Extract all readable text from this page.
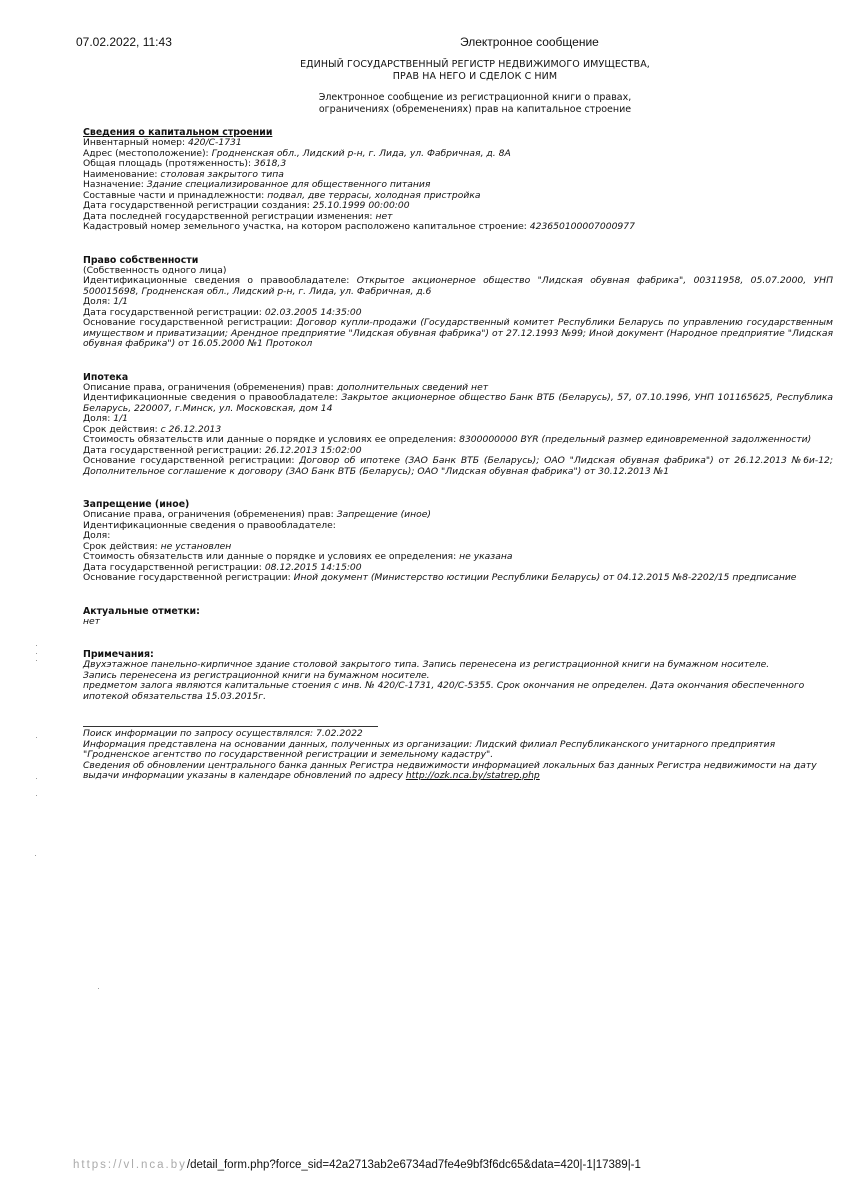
07.02.2022, 11:43	Электронное сообщение
ЕДИНЫЙ ГОСУДАРСТВЕННЫЙ РЕГИСТР НЕДВИЖИМОГО ИМУЩЕСТВА,
ПРАВ НА НЕГО И СДЕЛОК С НИМ
Электронное сообщение из регистрационной книги о правах,
ограничениях (обременениях) прав на капитальное строение
Сведения о капитальном строении

Инвентарный номер: 420/С-1731

Адрес (местоположение): Гродненская обл., Лидский р-н, г. Лида, ул. Фабричная, д. 8А

Общая площадь (протяженность): 3618,3

Наименование: столовая закрытого типа

Назначение: Здание специализированное для общественного питания

Составные части и принадлежности: подвал, две террасы, холодная пристройка

Дата государственной регистрации создания: 25.10.1999 00:00:00

Дата последней государственной регистрации изменения: нет

Кадастровый номер земельного участка, на котором расположено капитальное строение: 423650100007000977

Право собственности

(Собственность одного лица)

Идентификационные сведения о правообладателе: Открытое акционерное общество "Лидская обувная фабрика", 00311958, 05.07.2000, УНП 500015698, Гродненская обл., Лидский р-н, г. Лида, ул. Фабричная, д.6

Доля: 1/1

Дата государственной регистрации: 02.03.2005 14:35:00

Основание государственной регистрации: Договор купли-продажи (Государственный комитет Республики Беларусь по управлению государственным имуществом и приватизации; Арендное предприятие "Лидская обувная фабрика") от 27.12.1993 №99; Иной документ (Народное предприятие "Лидская обувная фабрика") от 16.05.2000 №1 Протокол

Ипотека

Описание права, ограничения (обременения) прав: дополнительных сведений нет

Идентификационные сведения о правообладателе: Закрытое акционерное общество Банк ВТБ (Беларусь), 57, 07.10.1996, УНП 101165625, Республика Беларусь, 220007, г.Минск, ул. Московская, дом 14

Доля: 1/1

Срок действия: с 26.12.2013

Стоимость обязательств или данные о порядке и условиях ее определения: 8300000000 BYR (предельный размер единовременной задолженности)

Дата государственной регистрации: 26.12.2013 15:02:00

Основание государственной регистрации: Договор об ипотеке (ЗАО Банк ВТБ (Беларусь); ОАО "Лидская обувная фабрика") от 26.12.2013 №6и-12; Дополнительное соглашение к договору (ЗАО Банк ВТБ (Беларусь); ОАО "Лидская обувная фабрика") от 30.12.2013 №1

Запрещение (иное)

Описание права, ограничения (обременения) прав: Запрещение (иное)

Идентификационные сведения о правообладателе:

Доля:

Срок действия: не установлен

Стоимость обязательств или данные о порядке и условиях ее определения: не указана

Дата государственной регистрации: 08.12.2015 14:15:00

Основание государственной регистрации: Иной документ (Министерство юстиции Республики Беларусь) от 04.12.2015 №8-2202/15 предписание

Актуальные отметки:

нет

Примечания:

Двухэтажное панельно-кирпичное здание столовой закрытого типа. Запись перенесена из регистрационной книги на бумажном носителе.

Запись перенесена из регистрационной книги на бумажном носителе.

предметом залога являются капитальные стоения с инв. № 420/С-1731, 420/С-5355. Срок окончания не определен. Дата окончания обеспеченного ипотекой обязательства 15.03.2015г.

Поиск информации по запросу осуществлялся: 7.02.2022

Информация представлена на основании данных, полученных из организации: Лидский филиал Республиканского унитарного предприятия "Гродненское агентство по государственной регистрации и земельному кадастру".

Сведения об обновлении центрального банка данных Регистра недвижимости информацией локальных баз данных Регистра недвижимости на дату выдачи информации указаны в календаре обновлений по адресу http://ozk.nca.by/statrep.php

https://vl.nca.by/detail_form.php?force_sid=42a2713ab2e6734ad7fe4e9bf3f6dc65&data=420|-1|17389|-1
